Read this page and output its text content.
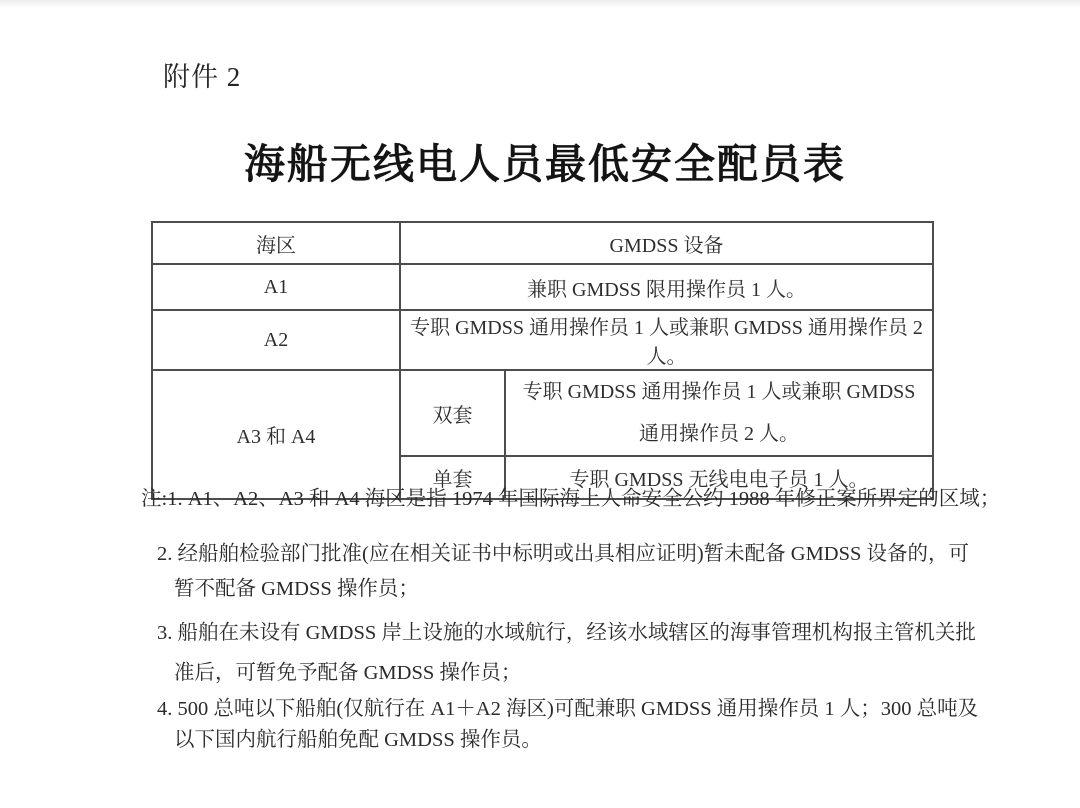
附件 2
海船无线电人员最低安全配员表
海区	GMDSS 设备	
A1	兼职 GMDSS 限用操作员 1 人。	
A2	专职 GMDSS 通用操作员 1 人或兼职 GMDSS 通用操作员 2 人。	
A3 和 A4	双套	专职 GMDSS 通用操作员 1 人或兼职 GMDSS 通用操作员 2 人。
	单套	专职 GMDSS 无线电电子员 1 人。
注:1. A1、A2、A3 和 A4 海区是指 1974 年国际海上人命安全公约 1988 年修正案所界定的区域；
2. 经船舶检验部门批准(应在相关证书中标明或出具相应证明)暂未配备 GMDSS 设备的，可
暂不配备 GMDSS 操作员；
3. 船舶在未设有 GMDSS 岸上设施的水域航行，经该水域辖区的海事管理机构报主管机关批
准后，可暂免予配备 GMDSS 操作员；
4. 500 总吨以下船舶(仅航行在 A1＋A2 海区)可配兼职 GMDSS 通用操作员 1 人；300 总吨及
以下国内航行船舶免配 GMDSS 操作员。
